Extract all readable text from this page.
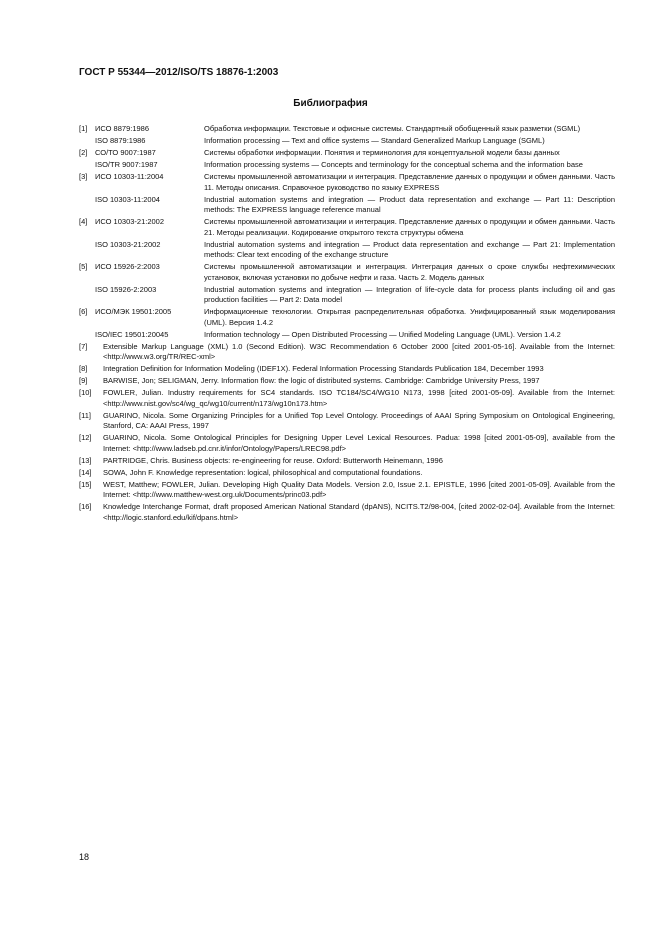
ГОСТ Р 55344—2012/ISO/TS 18876-1:2003
Библиография
[1]	ИСО 8879:1986	Обработка информации. Текстовые и офисные системы. Стандартный обобщенный язык разметки (SGML)
ISO 8879:1986	Information processing — Text and office systems — Standard Generalized Markup Language (SGML)
[2]	СО/ТО 9007:1987	Системы обработки информации. Понятия и терминология для концептуальной модели базы данных
ISO/TR 9007:1987	Information processing systems — Concepts and terminology for the conceptual schema and the information base
[3]	ИСО 10303-11:2004	Системы промышленной автоматизации и интеграция. Представление данных о продукции и обмен данными. Часть 11. Методы описания. Справочное руководство по языку EXPRESS
ISO 10303-11:2004	Industrial automation systems and integration — Product data representation and exchange — Part 11: Description methods: The EXPRESS language reference manual
[4]	ИСО 10303-21:2002	Системы промышленной автоматизации и интеграция. Представление данных о продукции и обмен данными. Часть 21. Методы реализации. Кодирование открытого текста структуры обмена
ISO 10303-21:2002	Industrial automation systems and integration — Product data representation and exchange — Part 21: Implementation methods: Clear text encoding of the exchange structure
[5]	ИСО 15926-2:2003	Системы промышленной автоматизации и интеграция. Интеграция данных о сроке службы нефтехимических установок, включая установки по добыче нефти и газа. Часть 2. Модель данных
ISO 15926-2:2003	Industrial automation systems and integration — Integration of life-cycle data for process plants including oil and gas production facilities — Part 2: Data model
[6]	ИСО/МЭК 19501:2005	Информационные технологии. Открытая распределительная обработка. Унифицированный язык моделирования (UML). Версия 1.4.2
ISO/IEC 19501:20045	Information technology — Open Distributed Processing — Unified Modeling Language (UML). Version 1.4.2
[7]	Extensible Markup Language (XML) 1.0 (Second Edition). W3C Recommendation 6 October 2000 [cited 2001-05-16]. Available from the Internet: <http://www.w3.org/TR/REC-xml>
[8]	Integration Definition for Information Modeling (IDEF1X). Federal Information Processing Standards Publication 184, December 1993
[9]	BARWISE, Jon; SELIGMAN, Jerry. Information flow: the logic of distributed systems. Cambridge: Cambridge University Press, 1997
[10]	FOWLER, Julian. Industry requirements for SC4 standards. ISO TC184/SC4/WG10 N173, 1998 [cited 2001-05-09]. Available from the Internet: <http://www.nist.gov/sc4/wg_qc/wg10/current/n173/wg10n173.htm>
[11]	GUARINO, Nicola. Some Organizing Principles for a Unified Top Level Ontology. Proceedings of AAAI Spring Symposium on Ontological Engineering, Stanford, CA: AAAI Press, 1997
[12]	GUARINO, Nicola. Some Ontological Principles for Designing Upper Level Lexical Resources. Padua: 1998 [cited 2001-05-09], available from the Internet: <http://www.ladseb.pd.cnr.it/infor/Ontology/Papers/LREC98.pdf>
[13]	PARTRIDGE, Chris. Business objects: re-engineering for reuse. Oxford: Butterworth Heinemann, 1996
[14]	SOWA, John F. Knowledge representation: logical, philosophical and computational foundations.
[15]	WEST, Matthew; FOWLER, Julian. Developing High Quality Data Models. Version 2.0, Issue 2.1. EPISTLE, 1996 [cited 2001-05-09]. Available from the Internet: <http://www.matthew-west.org.uk/Documents/princ03.pdf>
[16]	Knowledge Interchange Format, draft proposed American National Standard (dpANS), NCITS.T2/98-004, [cited 2002-02-04]. Available from the Internet: <http://logic.stanford.edu/kif/dpans.html>
18
